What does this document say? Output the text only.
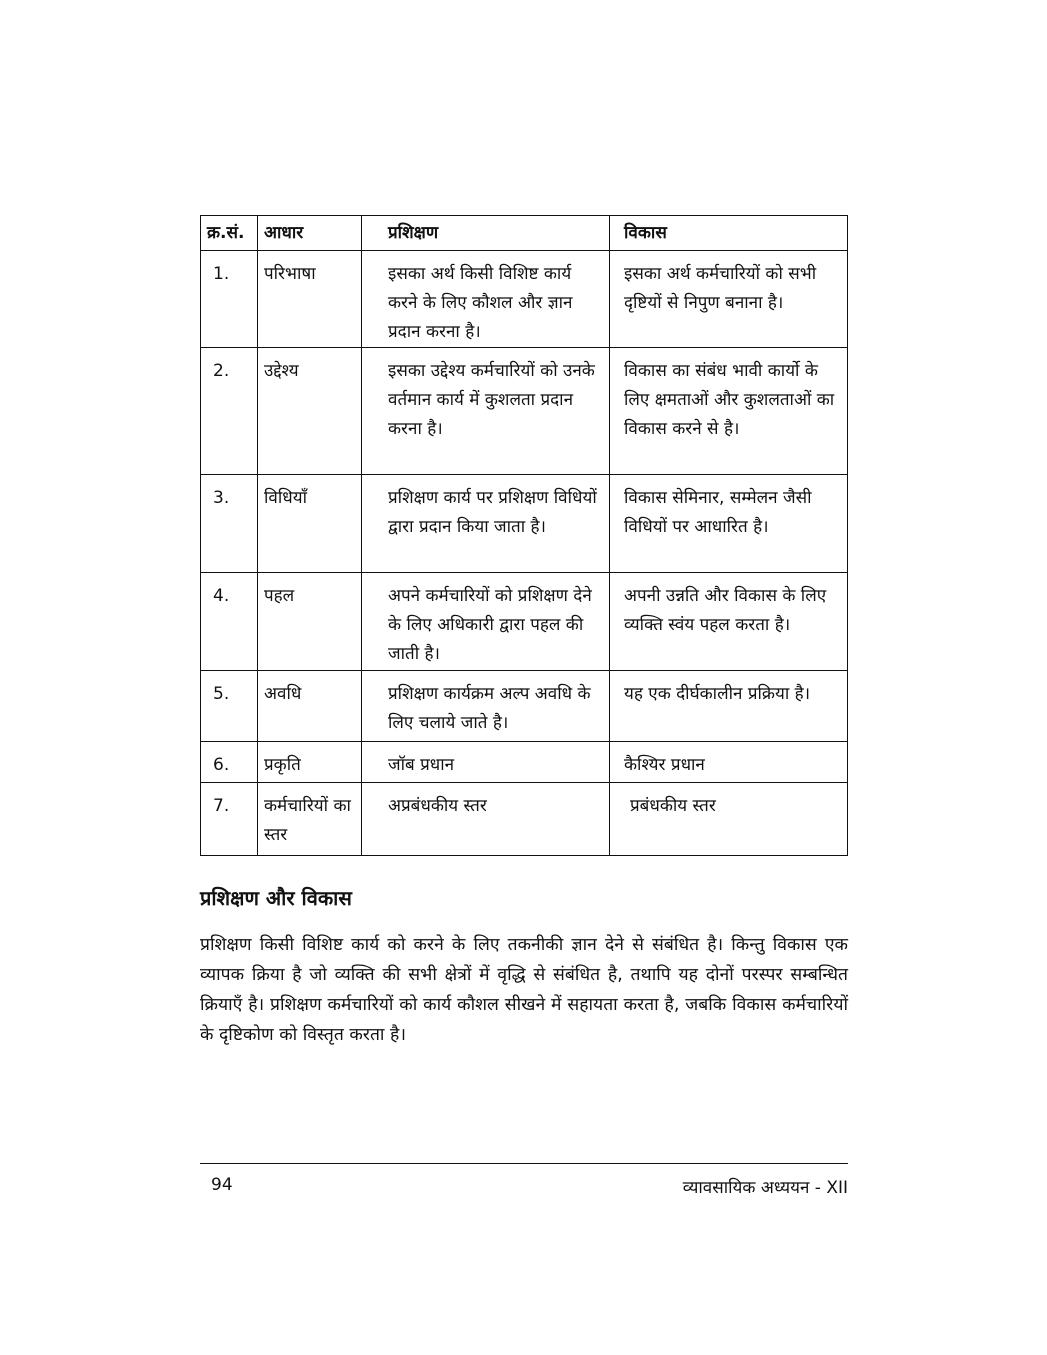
क्र.सं.	आधार	प्रशिक्षण	विकास
1.	परिभाषा	इसका अर्थ किसी विशिष्ट कार्य करने के लिए कौशल और ज्ञान प्रदान करना है।	इसका अर्थ कर्मचारियों को सभी दृष्टियों से निपुण बनाना है।
2.	उद्देश्य	इसका उद्देश्य कर्मचारियों को उनके वर्तमान कार्य में कुशलता प्रदान करना है।	विकास का संबंध भावी कार्यो के लिए क्षमताओं और कुशलताओं का विकास करने से है।
3.	विधियाँ	प्रशिक्षण कार्य पर प्रशिक्षण विधियों द्वारा प्रदान किया जाता है।	विकास सेमिनार, सम्मेलन जैसी विधियों पर आधारित है।
4.	पहल	अपने कर्मचारियों को प्रशिक्षण देने के लिए अधिकारी द्वारा पहल की जाती है।	अपनी उन्नति और विकास के लिए व्यक्ति स्वंय पहल करता है।
5.	अवधि	प्रशिक्षण कार्यक्रम अल्प अवधि के लिए चलाये जाते है।	यह एक दीर्घकालीन प्रक्रिया है।
6.	प्रकृति	जॉब प्रधान	कैश्यिर प्रधान
7.	कर्मचारियों का स्तर	अप्रबंधकीय स्तर	प्रबंधकीय स्तर
प्रशिक्षण और विकास

प्रशिक्षण किसी विशिष्ट कार्य को करने के लिए तकनीकी ज्ञान देने से संबंधित है। किन्तु विकास एक व्यापक क्रिया है जो व्यक्ति की सभी क्षेत्रों में वृद्धि से संबंधित है, तथापि यह दोनों परस्पर सम्बन्धित क्रियाएँ है। प्रशिक्षण कर्मचारियों को कार्य कौशल सीखने में सहायता करता है, जबकि विकास कर्मचारियों के दृष्टिकोण को विस्तृत करता है।

94	व्यावसायिक अध्ययन - XII
